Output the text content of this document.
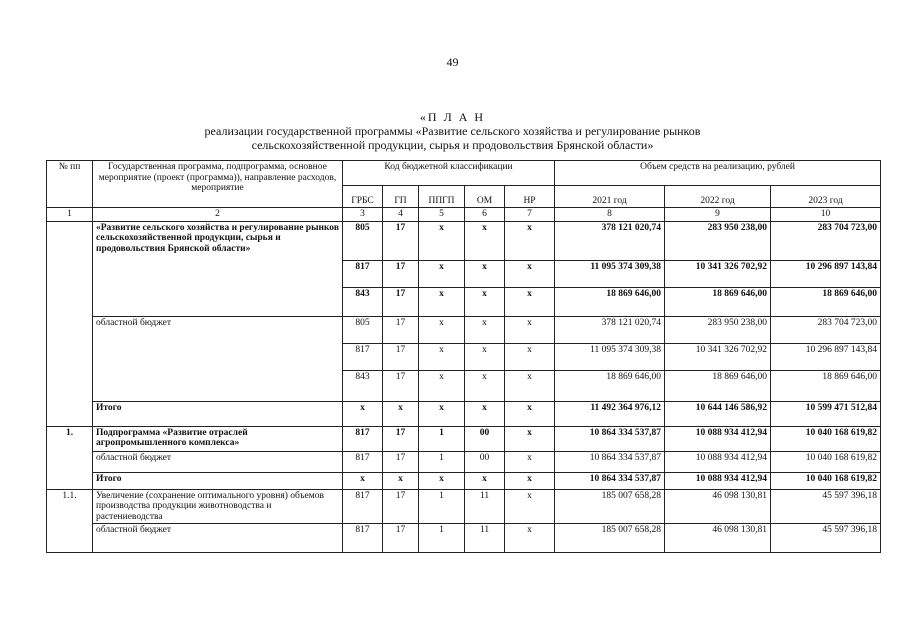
49
«П Л А Н
реализации государственной программы «Развитие сельского хозяйства и регулирование рынков
сельскохозяйственной продукции, сырья и продовольствия Брянской области»
№ пп	Государственная программа, подпрограмма, основное мероприятие (проект (программа)), направление расходов, мероприятие	Код бюджетной классификации					Объем средств на реализацию, рублей		
		ГРБС	ГП	ППГП	ОМ	НР	2021 год	2022 год	2023 год
1	2	3	4	5	6	7	8	9	10
	«Развитие сельского хозяйства и регулирование рынков сельскохозяйственной продукции, сырья и продовольствия Брянской области»	805	17	х	х	х	378 121 020,74	283 950 238,00	283 704 723,00
		817	17	х	х	х	11 095 374 309,38	10 341 326 702,92	10 296 897 143,84
		843	17	х	х	х	18 869 646,00	18 869 646,00	18 869 646,00
	областной бюджет	805	17	х	х	х	378 121 020,74	283 950 238,00	283 704 723,00
		817	17	х	х	х	11 095 374 309,38	10 341 326 702,92	10 296 897 143,84
		843	17	х	х	х	18 869 646,00	18 869 646,00	18 869 646,00
	Итого	х	х	х	х	х	11 492 364 976,12	10 644 146 586,92	10 599 471 512,84
1.	Подпрограмма «Развитие отраслей агропромышленного комплекса»	817	17	1	00	х	10 864 334 537,87	10 088 934 412,94	10 040 168 619,82
	областной бюджет	817	17	1	00	х	10 864 334 537,87	10 088 934 412,94	10 040 168 619,82
	Итого	х	х	х	х	х	10 864 334 537,87	10 088 934 412,94	10 040 168 619,82
1.1.	Увеличение (сохранение оптимального уровня) объемов производства продукции животноводства и растениеводства	817	17	1	11	х	185 007 658,28	46 098 130,81	45 597 396,18
	областной бюджет	817	17	1	11	х	185 007 658,28	46 098 130,81	45 597 396,18
